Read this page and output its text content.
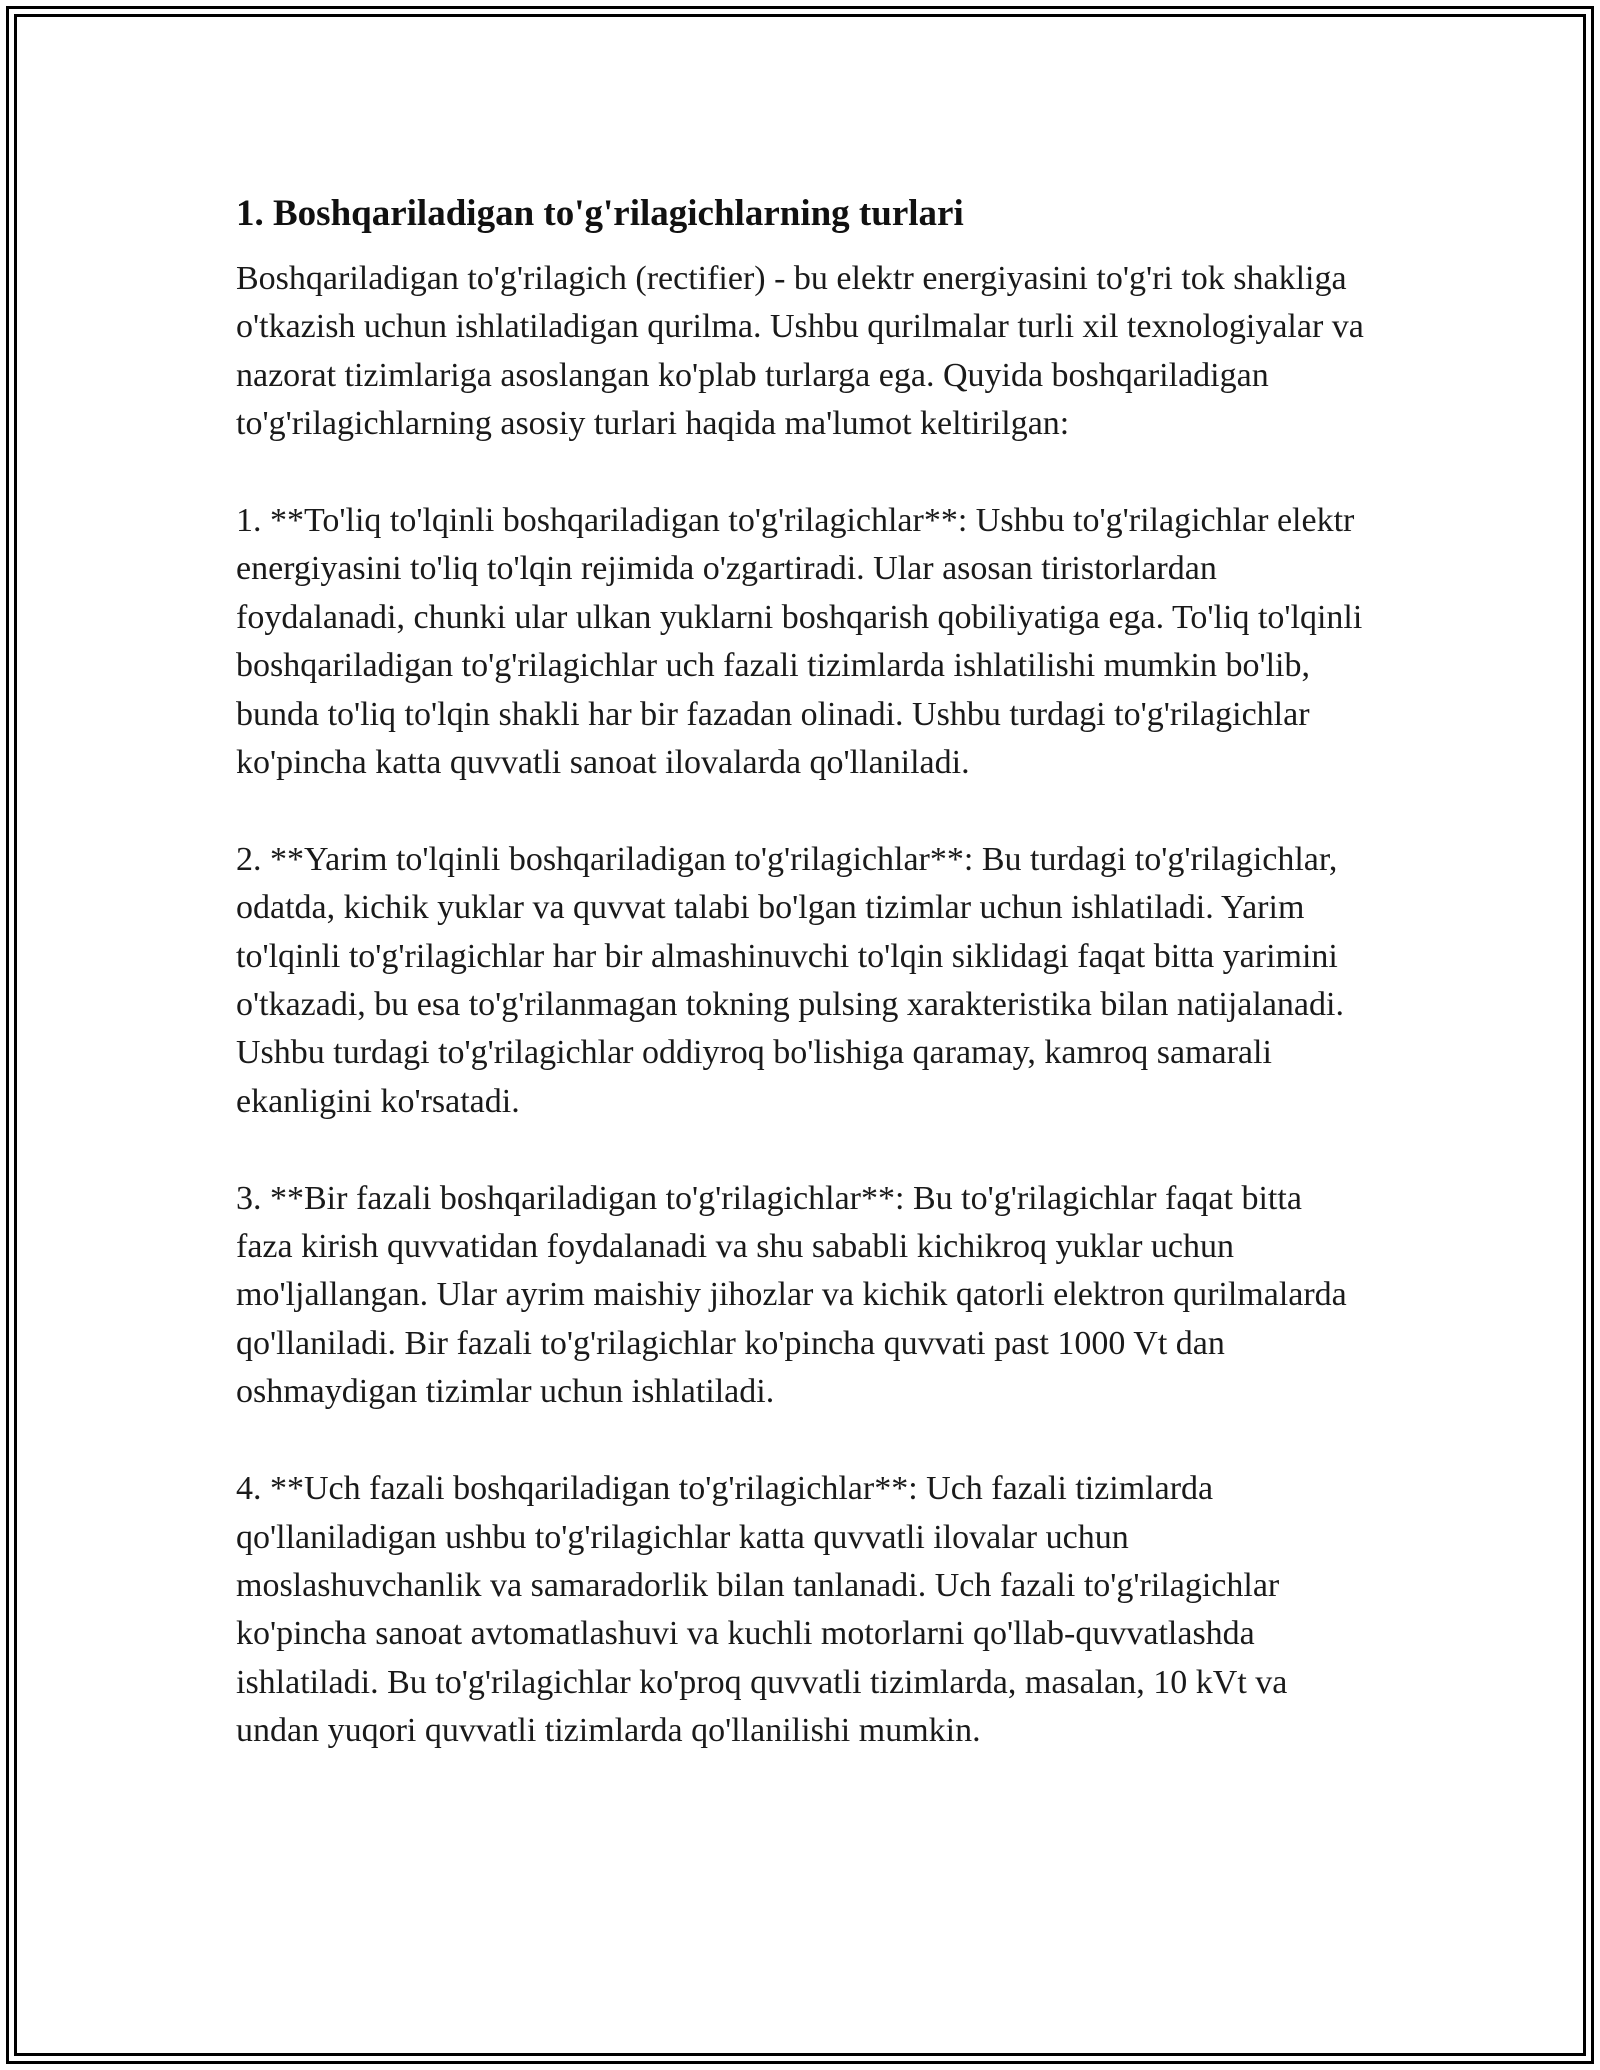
1. Boshqariladigan to'g'rilagichlarning turlari

Boshqariladigan to'g'rilagich (rectifier) - bu elektr energiyasini to'g'ri tok shakliga o'tkazish uchun ishlatiladigan qurilma. Ushbu qurilmalar turli xil texnologiyalar va nazorat tizimlariga asoslangan ko'plab turlarga ega. Quyida boshqariladigan to'g'rilagichlarning asosiy turlari haqida ma'lumot keltirilgan:

1. **To'liq to'lqinli boshqariladigan to'g'rilagichlar**: Ushbu to'g'rilagichlar elektr energiyasini to'liq to'lqin rejimida o'zgartiradi. Ular asosan tiristorlardan foydalanadi, chunki ular ulkan yuklarni boshqarish qobiliyatiga ega. To'liq to'lqinli boshqariladigan to'g'rilagichlar uch fazali tizimlarda ishlatilishi mumkin bo'lib, bunda to'liq to'lqin shakli har bir fazadan olinadi. Ushbu turdagi to'g'rilagichlar ko'pincha katta quvvatli sanoat ilovalarda qo'llaniladi.

2. **Yarim to'lqinli boshqariladigan to'g'rilagichlar**: Bu turdagi to'g'rilagichlar, odatda, kichik yuklar va quvvat talabi bo'lgan tizimlar uchun ishlatiladi. Yarim to'lqinli to'g'rilagichlar har bir almashinuvchi to'lqin siklidagi faqat bitta yarimini o'tkazadi, bu esa to'g'rilanmagan tokning pulsing xarakteristika bilan natijalanadi. Ushbu turdagi to'g'rilagichlar oddiyroq bo'lishiga qaramay, kamroq samarali ekanligini ko'rsatadi.

3. **Bir fazali boshqariladigan to'g'rilagichlar**: Bu to'g'rilagichlar faqat bitta faza kirish quvvatidan foydalanadi va shu sababli kichikroq yuklar uchun mo'ljallangan. Ular ayrim maishiy jihozlar va kichik qatorli elektron qurilmalarda qo'llaniladi. Bir fazali to'g'rilagichlar ko'pincha quvvati past 1000 Vt dan oshmaydigan tizimlar uchun ishlatiladi.

4. **Uch fazali boshqariladigan to'g'rilagichlar**: Uch fazali tizimlarda qo'llaniladigan ushbu to'g'rilagichlar katta quvvatli ilovalar uchun moslashuvchanlik va samaradorlik bilan tanlanadi. Uch fazali to'g'rilagichlar ko'pincha sanoat avtomatlashuvi va kuchli motorlarni qo'llab-quvvatlashda ishlatiladi. Bu to'g'rilagichlar ko'proq quvvatli tizimlarda, masalan, 10 kVt va undan yuqori quvvatli tizimlarda qo'llanilishi mumkin.
